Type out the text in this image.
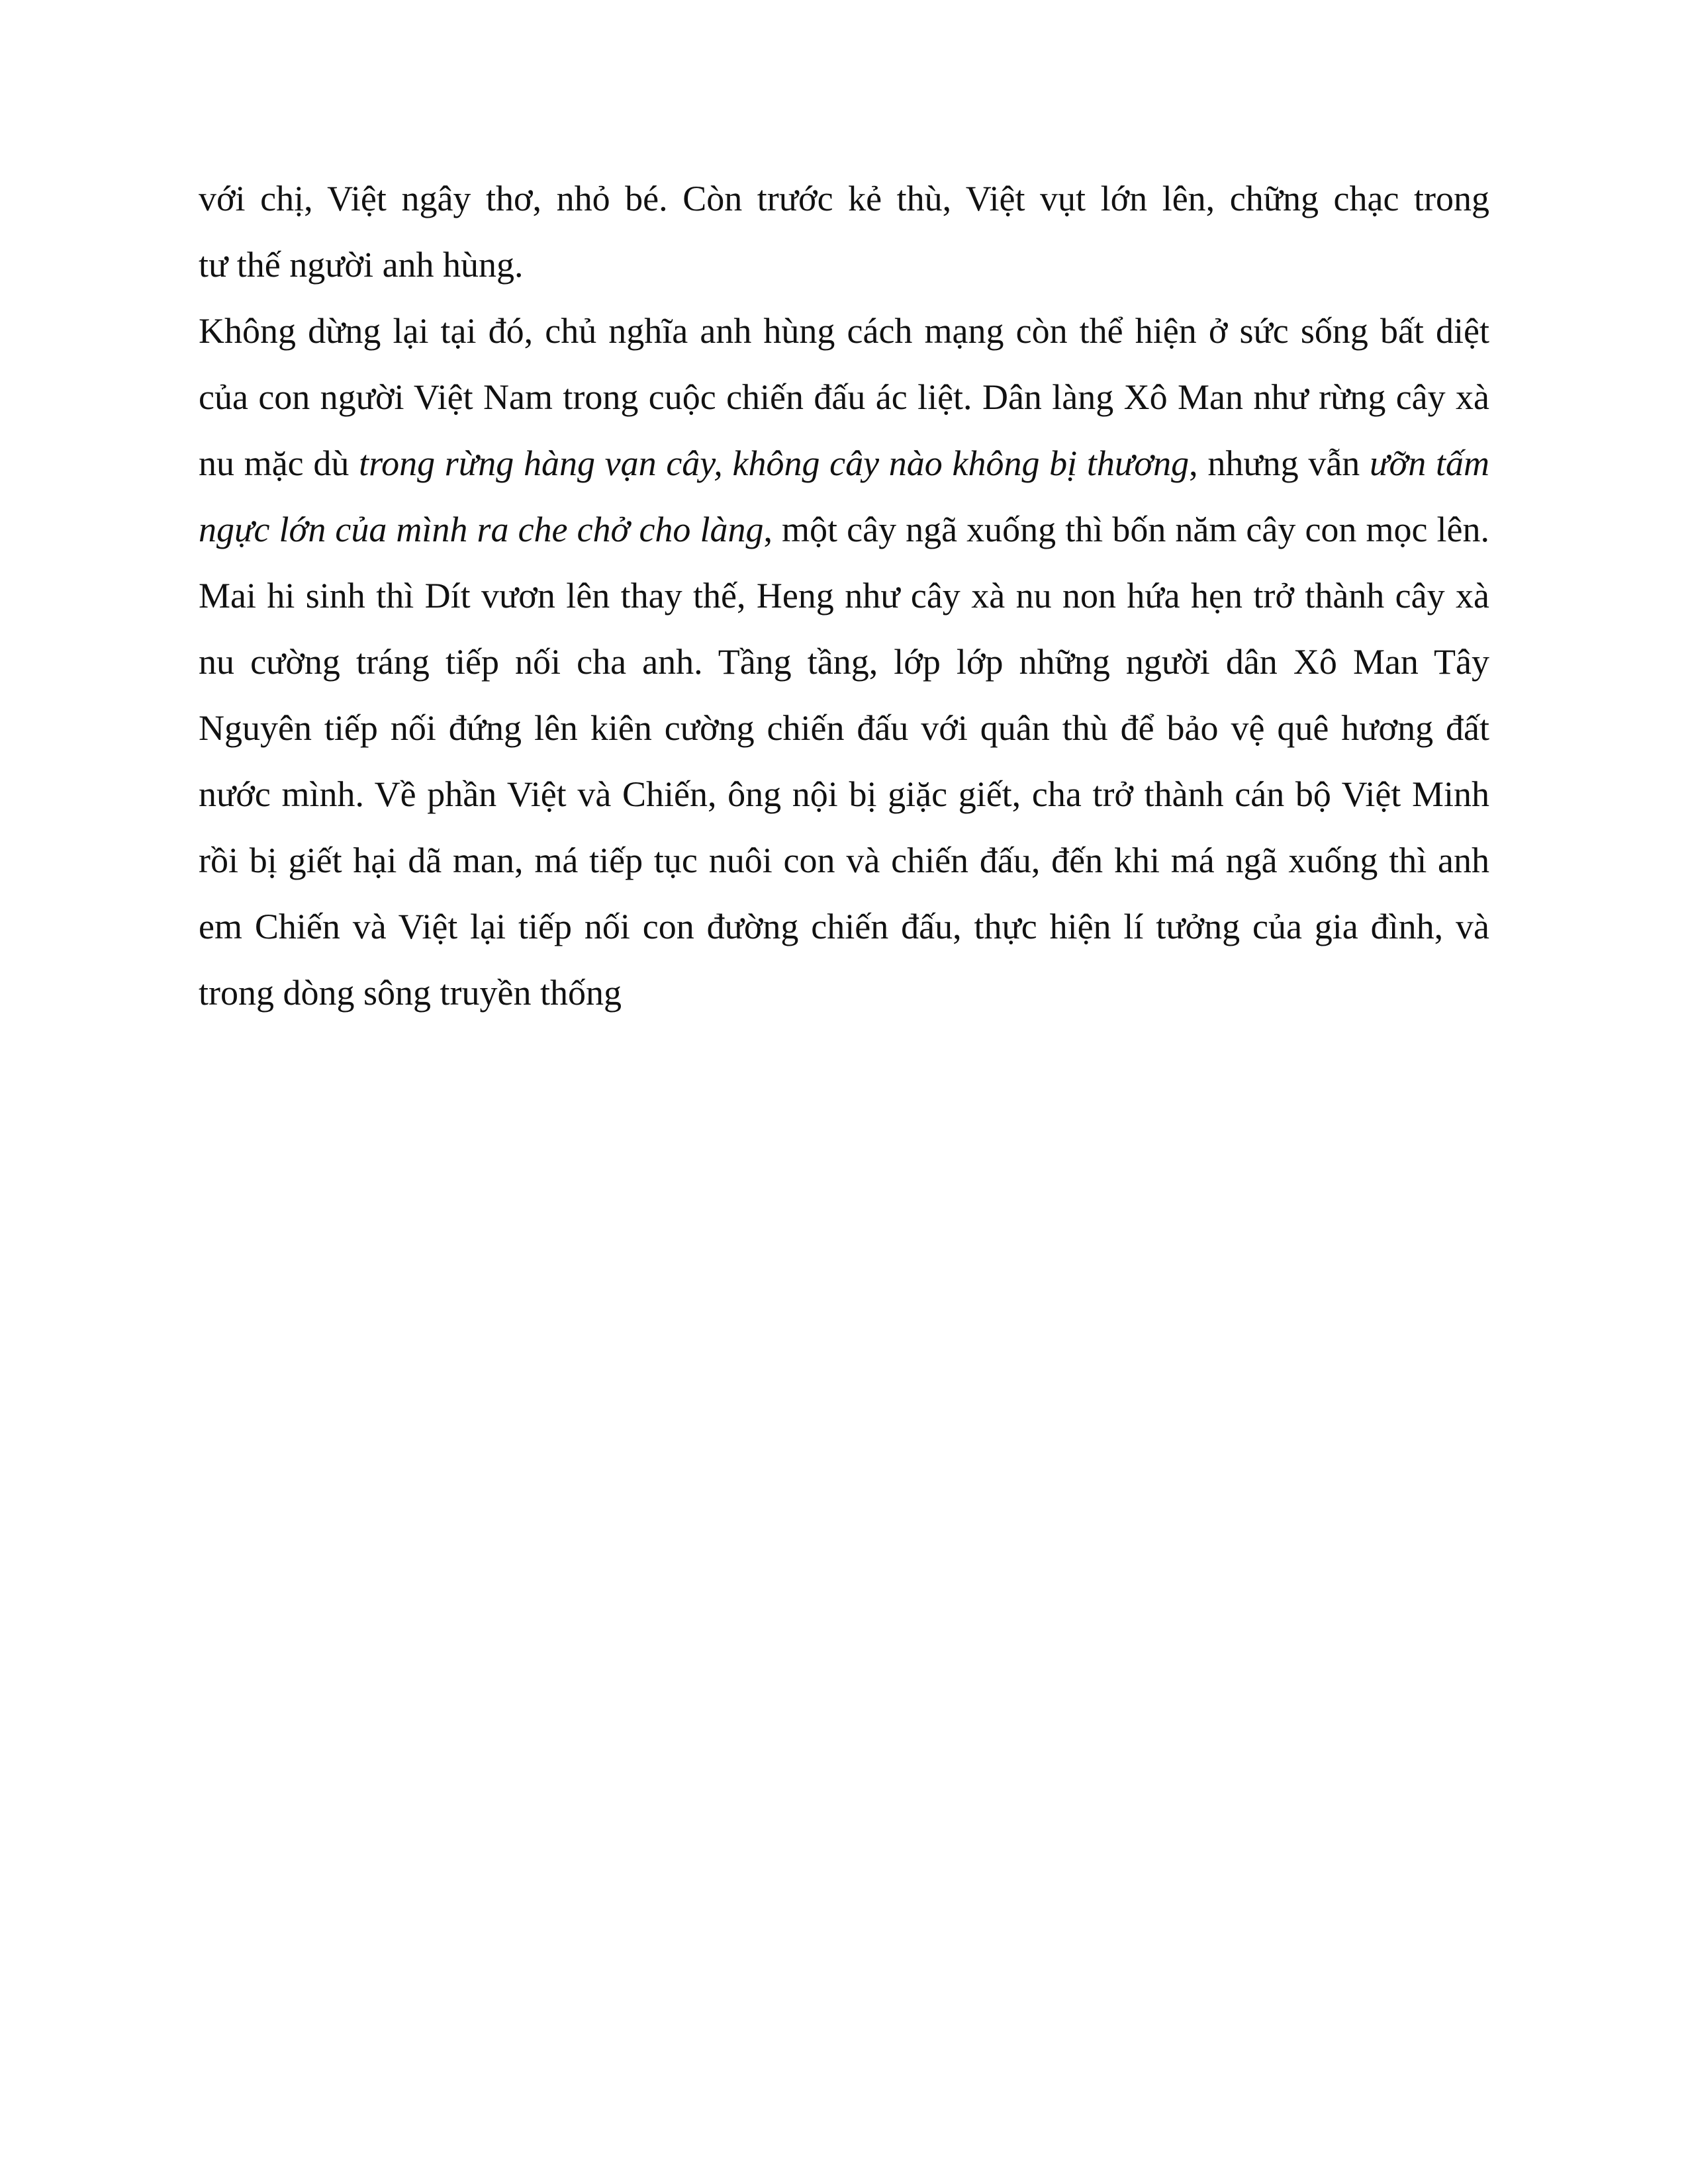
với chị, Việt ngây thơ, nhỏ bé. Còn trước kẻ thù, Việt vụt lớn lên, chững chạc trong
tư thế người anh hùng.

Không dừng lại tại đó, chủ nghĩa anh hùng cách mạng còn thể hiện ở sức sống bất diệt của con người Việt Nam trong cuộc chiến đấu ác liệt. Dân làng Xô Man như rừng cây xà nu mặc dù trong rừng hàng vạn cây, không cây nào không bị thương, nhưng vẫn ưỡn tấm ngực lớn của mình ra che chở cho làng, một cây ngã xuống thì bốn năm cây con mọc lên. Mai hi sinh thì Dít vươn lên thay thế, Heng như cây xà nu non hứa hẹn trở thành cây xà nu cường tráng tiếp nối cha anh. Tầng tầng, lớp lớp những người dân Xô Man Tây Nguyên tiếp nối đứng lên kiên cường chiến đấu với quân thù để bảo vệ quê hương đất nước mình. Về phần Việt và Chiến, ông nội bị giặc giết, cha trở thành cán bộ Việt Minh rồi bị giết hại dã man, má tiếp tục nuôi con và chiến đấu, đến khi má ngã xuống thì anh em Chiến và Việt lại tiếp nối con đường chiến đấu, thực hiện lí tưởng của gia đình, và trong dòng sông truyền thống
